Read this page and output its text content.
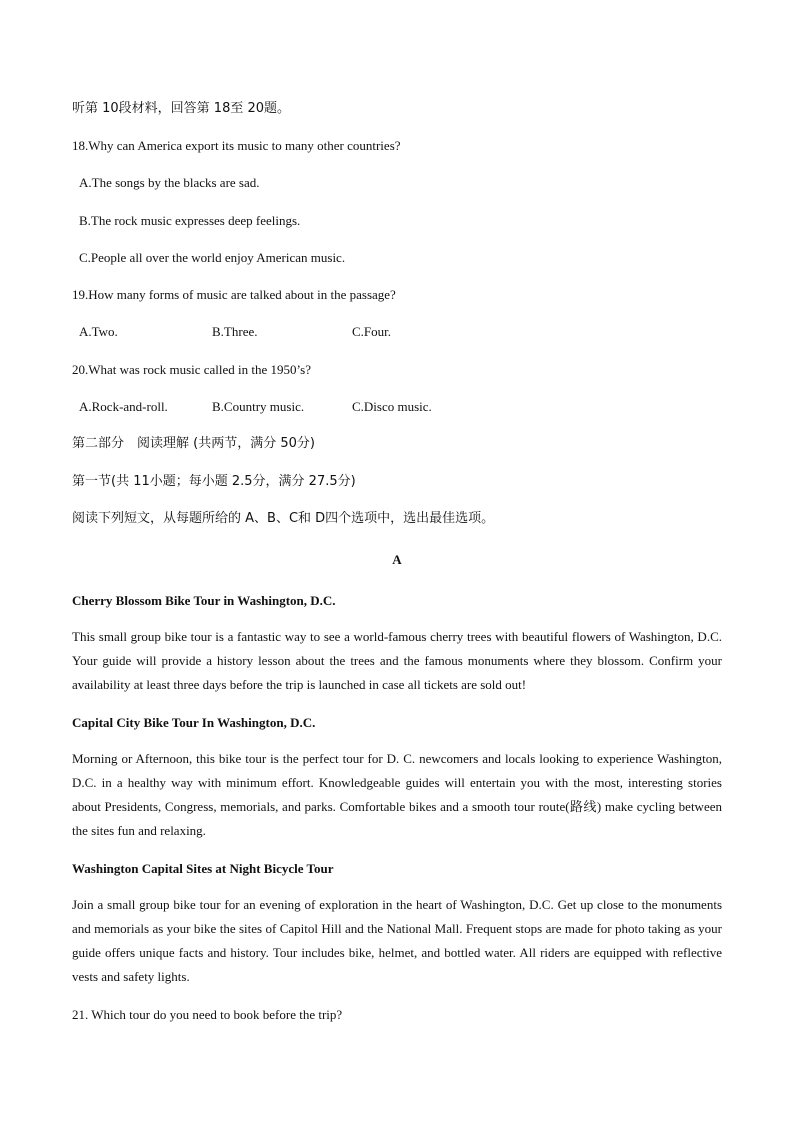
听第 10段材料，回答第 18至 20题。
18.Why can America export its music to many other countries?
A.The songs by the blacks are sad.
B.The rock music expresses deep feelings.
C.People all over the world enjoy American music.
19.How many forms of music are talked about in the passage?
A.Two.	B.Three.	C.Four.
20.What was rock music called in the 1950’s?
A.Rock-and-roll.	B.Country music.	C.Disco music.
第二部分　阅读理解 (共两节，满分 50分)
第一节(共 11小题；每小题 2.5分，满分 27.5分)
阅读下列短文，从每题所给的 A、B、C和 D四个选项中，选出最佳选项。
A
Cherry Blossom Bike Tour in Washington, D.C.
This small group bike tour is a fantastic way to see a world-famous cherry trees with beautiful flowers of Washington, D.C. Your guide will provide a history lesson about the trees and the famous monuments where they blossom. Confirm your availability at least three days before the trip is launched in case all tickets are sold out!
Capital City Bike Tour In Washington, D.C.
Morning or Afternoon, this bike tour is the perfect tour for D. C. newcomers and locals looking to experience Washington, D.C. in a healthy way with minimum effort. Knowledgeable guides will entertain you with the most, interesting stories about Presidents, Congress, memorials, and parks. Comfortable bikes and a smooth tour route(路线) make cycling between the sites fun and relaxing.
Washington Capital Sites at Night Bicycle Tour
Join a small group bike tour for an evening of exploration in the heart of Washington, D.C. Get up close to the monuments and memorials as your bike the sites of Capitol Hill and the National Mall. Frequent stops are made for photo taking as your guide offers unique facts and history. Tour includes bike, helmet, and bottled water. All riders are equipped with reflective vests and safety lights.
21. Which tour do you need to book before the trip?
